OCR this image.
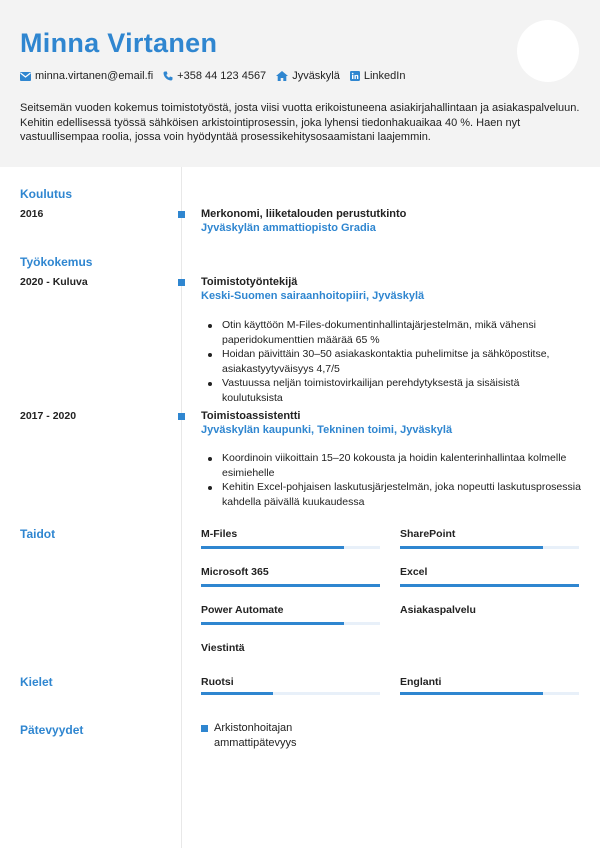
Minna Virtanen
minna.virtanen@email.fi +358 44 123 4567 Jyväskylä LinkedIn
Seitsemän vuoden kokemus toimistotyöstä, josta viisi vuotta erikoistuneena asiakirjahallintaan ja asiakaspalveluun. Kehitin edellisessä työssä sähköisen arkistointiprosessin, joka lyhensi tiedonhakuaikaa 40 %. Haen nyt vastuullisempaa roolia, jossa voin hyödyntää prosessikehitysosaamistani laajemmin.
Koulutus
2016	Merkonomi, liiketalouden perustutkinto
Jyväskylän ammattiopisto Gradia
Työkokemus
2020 - Kuluva	Toimistotyöntekijä
Keski-Suomen sairaanhoitopiiri, Jyväskylä
Otin käyttöön M-Files-dokumentinhallintajärjestelmän, mikä vähensi paperidokumenttien määrää 65 %
Hoidan päivittäin 30–50 asiakaskontaktia puhelimitse ja sähköpostitse, asiakastyytyväisyys 4,7/5
Vastuussa neljän toimistovirkailijan perehdytyksestä ja sisäisistä koulutuksista
2017 - 2020	Toimistoassistentti
Jyväskylän kaupunki, Tekninen toimi, Jyväskylä
Koordinoin viikoittain 15–20 kokousta ja hoidin kalenterinhallintaa kolmelle esimiehelle
Kehitin Excel-pohjaisen laskutusjärjestelmän, joka nopeutti laskutusprosessia kahdella päivällä kuukaudessa
Taidot	M-Files	SharePoint
Microsoft 365	Excel
Power Automate	Asiakaspalvelu
Viestintä
Kielet	Ruotsi	Englanti
Pätevyydet	Arkistonhoitajan ammattipätevyys
